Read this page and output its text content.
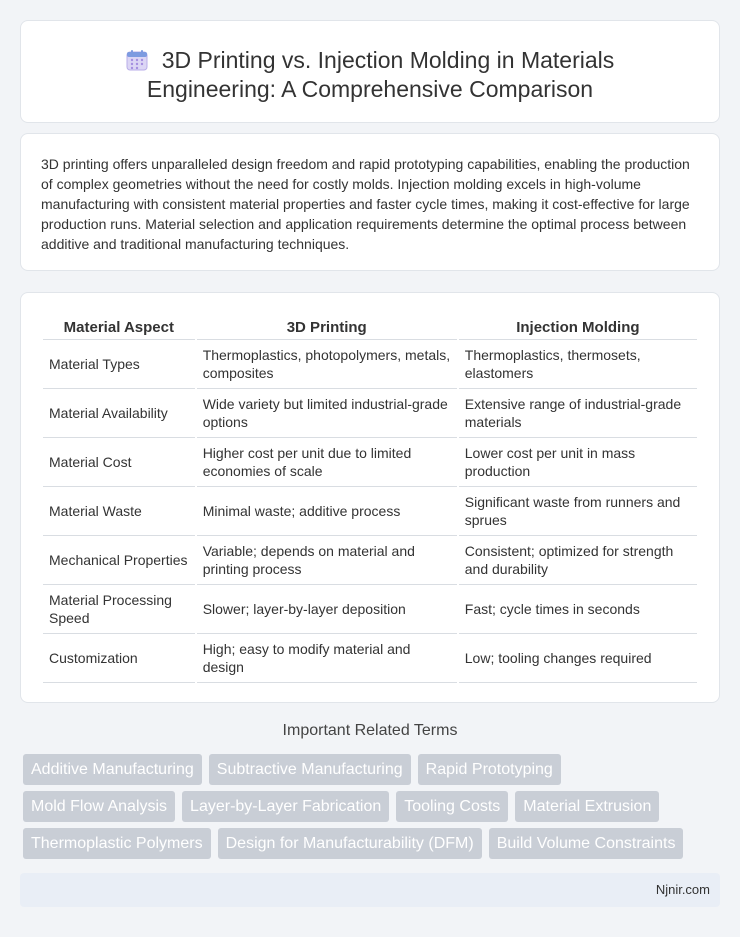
3D Printing vs. Injection Molding in Materials
Engineering: A Comprehensive Comparison

3D printing offers unparalleled design freedom and rapid prototyping capabilities, enabling the production of complex geometries without the need for costly molds. Injection molding excels in high-volume manufacturing with consistent material properties and faster cycle times, making it cost-effective for large production runs. Material selection and application requirements determine the optimal process between additive and traditional manufacturing techniques.

Material Aspect	3D Printing	Injection Molding
Material Types	Thermoplastics, photopolymers, metals, composites	Thermoplastics, thermosets, elastomers
Material Availability	Wide variety but limited industrial-grade options	Extensive range of industrial-grade materials
Material Cost	Higher cost per unit due to limited economies of scale	Lower cost per unit in mass production
Material Waste	Minimal waste; additive process	Significant waste from runners and sprues
Mechanical Properties	Variable; depends on material and printing process	Consistent; optimized for strength and durability
Material Processing Speed	Slower; layer-by-layer deposition	Fast; cycle times in seconds
Customization	High; easy to modify material and design	Low; tooling changes required
Important Related Terms
Additive Manufacturing	Subtractive Manufacturing	Rapid Prototyping
Mold Flow Analysis	Layer-by-Layer Fabrication	Tooling Costs	Material Extrusion
Thermoplastic Polymers	Design for Manufacturability (DFM)	Build Volume Constraints
Njnir.com
